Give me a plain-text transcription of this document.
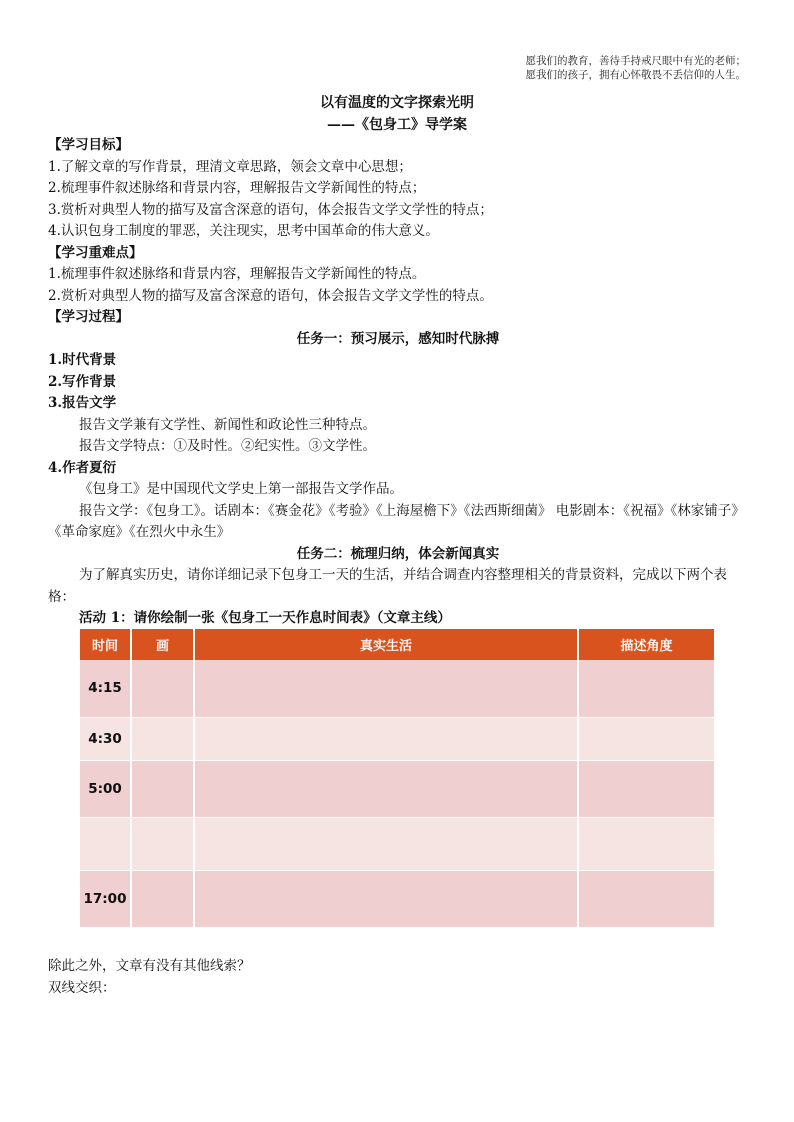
愿我们的教育，善待手持戒尺眼中有光的老师；
愿我们的孩子，拥有心怀敬畏不丢信仰的人生。
以有温度的文字探索光明
——《包身工》导学案
【学习目标】
1.了解文章的写作背景，理清文章思路，领会文章中心思想；
2.梳理事件叙述脉络和背景内容，理解报告文学新闻性的特点；
3.赏析对典型人物的描写及富含深意的语句，体会报告文学文学性的特点；
4.认识包身工制度的罪恶，关注现实，思考中国革命的伟大意义。
【学习重难点】
1.梳理事件叙述脉络和背景内容，理解报告文学新闻性的特点。
2.赏析对典型人物的描写及富含深意的语句，体会报告文学文学性的特点。
【学习过程】
任务一：预习展示，感知时代脉搏
1.时代背景
2.写作背景
3.报告文学
报告文学兼有文学性、新闻性和政论性三种特点。
报告文学特点：①及时性。②纪实性。③文学性。
4.作者夏衍
《包身工》是中国现代文学史上第一部报告文学作品。
报告文学：《包身工》。话剧本：《赛金花》《考验》《上海屋檐下》《法西斯细菌》 电影剧本：《祝福》《林家铺子》《革命家庭》《在烈火中永生》
任务二：梳理归纳，体会新闻真实
为了解真实历史，请你详细记录下包身工一天的生活，并结合调查内容整理相关的背景资料，完成以下两个表格：
活动 1：请你绘制一张《包身工一天作息时间表》（文章主线）
时间	画	真实生活	描述角度
4:15			
4:30			
5:00			

17:00			
除此之外，文章有没有其他线索？
双线交织：
